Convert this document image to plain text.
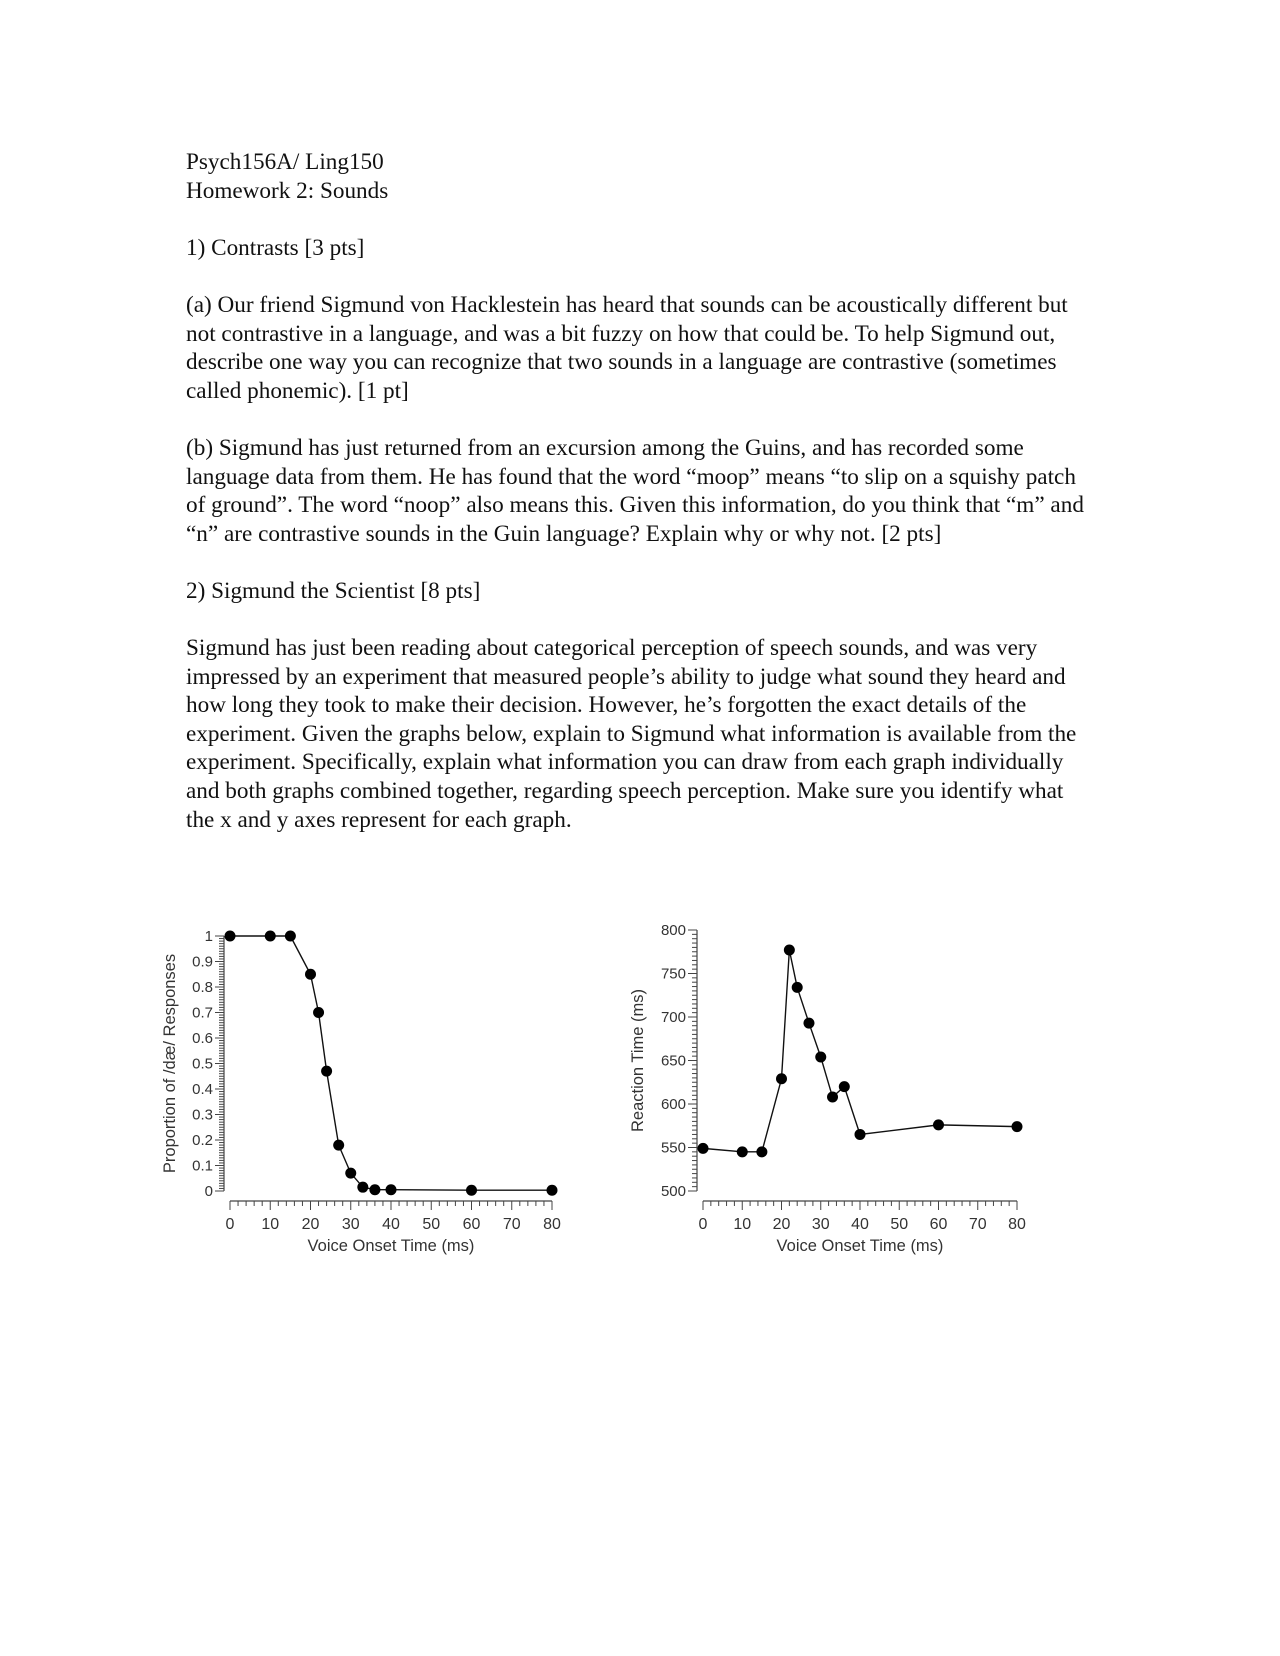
Psych156A/ Ling150

Homework 2: Sounds

1) Contrasts [3 pts]

(a) Our friend Sigmund von Hacklestein has heard that sounds can be acoustically different but not contrastive in a language, and was a bit fuzzy on how that could be. To help Sigmund out, describe one way you can recognize that two sounds in a language are contrastive (sometimes called phonemic). [1 pt]

(b) Sigmund has just returned from an excursion among the Guins, and has recorded some language data from them. He has found that the word “moop” means “to slip on a squishy patch of ground”. The word “noop” also means this. Given this information, do you think that “m” and “n” are contrastive sounds in the Guin language? Explain why or why not. [2 pts]

2) Sigmund the Scientist [8 pts]

Sigmund has just been reading about categorical perception of speech sounds, and was very impressed by an experiment that measured people’s ability to judge what sound they heard and how long they took to make their decision. However, he’s forgotten the exact details of the experiment. Given the graphs below, explain to Sigmund what information is available from the experiment. Specifically, explain what information you can draw from each graph individually and both graphs combined together, regarding speech perception. Make sure you identify what the x and y axes represent for each graph.

0 10 20 30 40 50 60 70 80
0
0.1
0.2
0.3
0.4
0.5
0.6
0.7
0.8
0.9
1
Voice Onset Time (ms)
Proportion of /dæ/ Responses
0 10 20 30 40 50 60 70 80
500
550
600
650
700
750
800
Voice Onset Time (ms)
Reaction Time (ms)
